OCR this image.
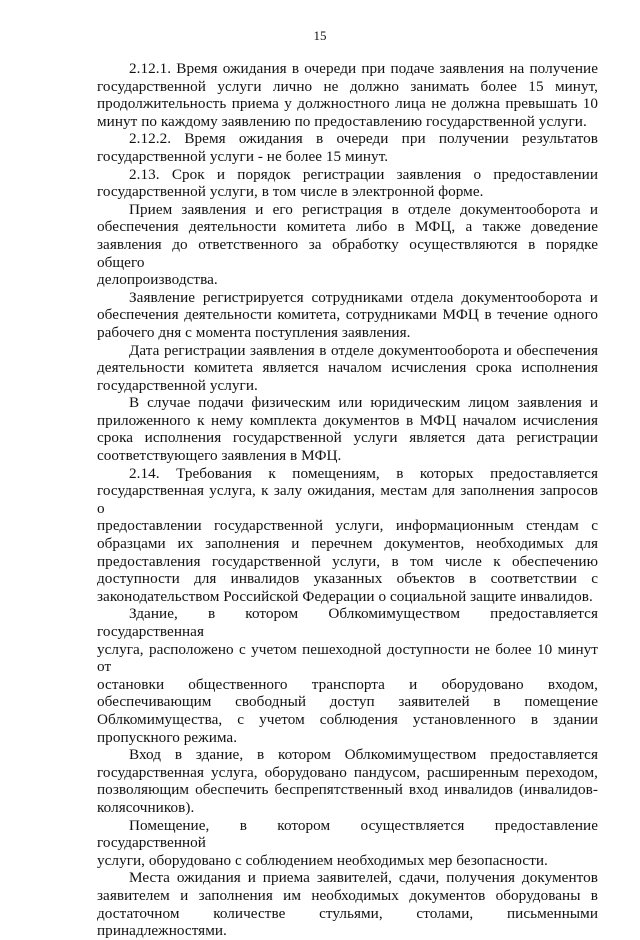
15

2.12.1. Время ожидания в очереди при подаче заявления на получение
государственной услуги лично не должно занимать более 15 минут,
продолжительность приема у должностного лица не должна превышать 10
минут по каждому заявлению по предоставлению государственной услуги.

2.12.2. Время ожидания в очереди при получении результатов
государственной услуги - не более 15 минут.

2.13. Срок и порядок регистрации заявления о предоставлении
государственной услуги, в том числе в электронной форме.

Прием заявления и его регистрация в отделе документооборота и
обеспечения деятельности комитета либо в МФЦ, а также доведение
заявления до ответственного за обработку осуществляются в порядке общего
делопроизводства.

Заявление регистрируется сотрудниками отдела документооборота и
обеспечения деятельности комитета, сотрудниками МФЦ в течение одного
рабочего дня с момента поступления заявления.

Дата регистрации заявления в отделе документооборота и обеспечения
деятельности комитета является началом исчисления срока исполнения
государственной услуги.

В случае подачи физическим или юридическим лицом заявления и
приложенного к нему комплекта документов в МФЦ началом исчисления
срока исполнения государственной услуги является дата регистрации
соответствующего заявления в МФЦ.

2.14. Требования к помещениям, в которых предоставляется
государственная услуга, к залу ожидания, местам для заполнения запросов о
предоставлении государственной услуги, информационным стендам с
образцами их заполнения и перечнем документов, необходимых для
предоставления государственной услуги, в том числе к обеспечению
доступности для инвалидов указанных объектов в соответствии с
законодательством Российской Федерации о социальной защите инвалидов.

Здание, в котором Облкомимуществом предоставляется государственная
услуга, расположено с учетом пешеходной доступности не более 10 минут от
остановки общественного транспорта и оборудовано входом,
обеспечивающим свободный доступ заявителей в помещение
Облкомимущества, с учетом соблюдения установленного в здании
пропускного режима.

Вход в здание, в котором Облкомимуществом предоставляется
государственная услуга, оборудовано пандусом, расширенным переходом,
позволяющим обеспечить беспрепятственный вход инвалидов (инвалидов-
колясочников).

Помещение, в котором осуществляется предоставление государственной
услуги, оборудовано с соблюдением необходимых мер безопасности.

Места ожидания и приема заявителей, сдачи, получения документов
заявителем и заполнения им необходимых документов оборудованы в
достаточном количестве стульями, столами, письменными
принадлежностями.
